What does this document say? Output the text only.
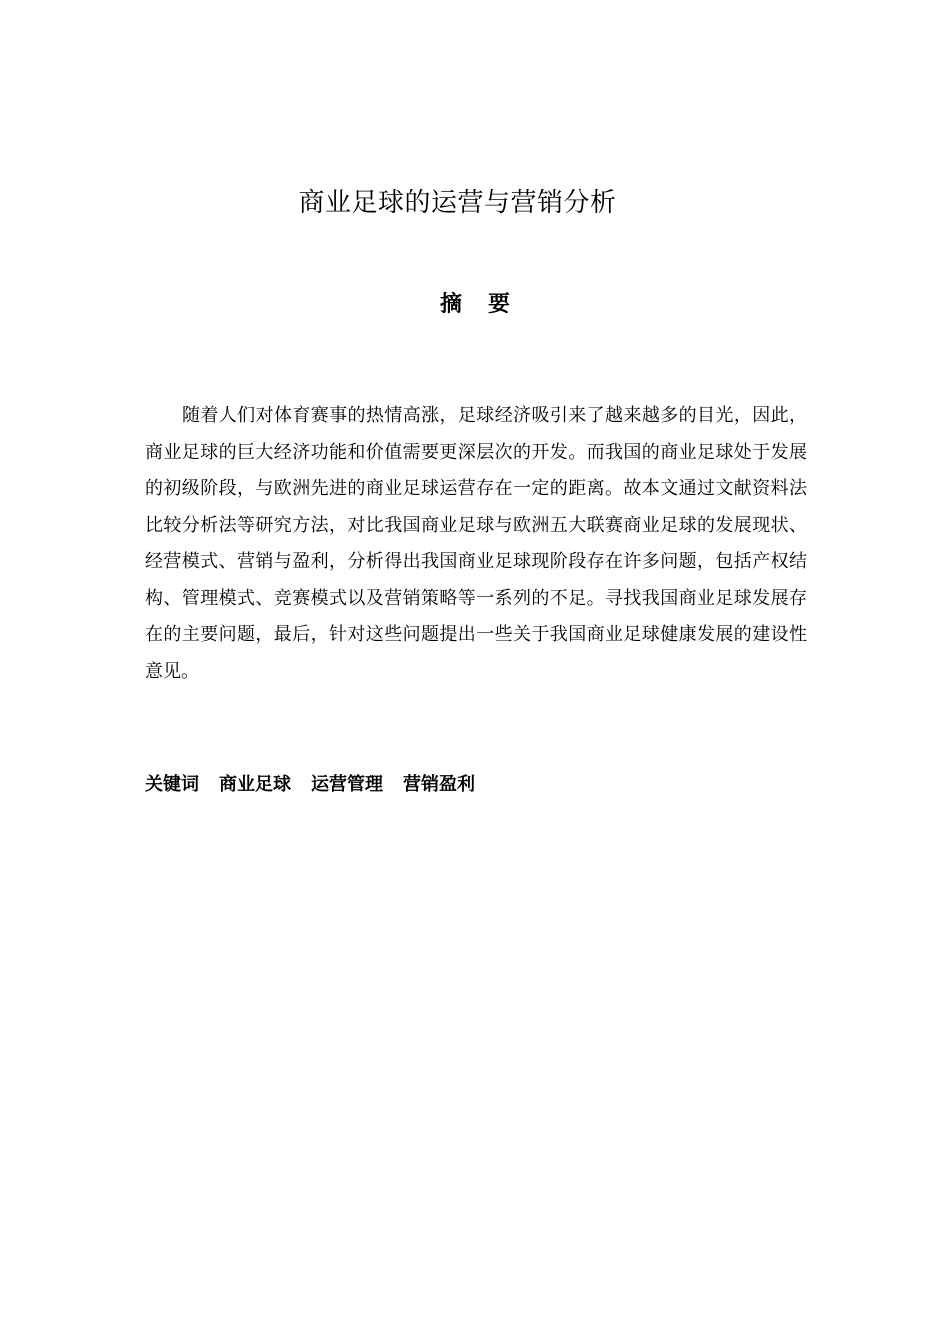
商业足球的运营与营销分析
摘 要
随着人们对体育赛事的热情高涨，足球经济吸引来了越来越多的目光，因此，商业足球的巨大经济功能和价值需要更深层次的开发。而我国的商业足球处于发展的初级阶段，与欧洲先进的商业足球运营存在一定的距离。故本文通过文献资料法比较分析法等研究方法，对比我国商业足球与欧洲五大联赛商业足球的发展现状、经营模式、营销与盈利，分析得出我国商业足球现阶段存在许多问题，包括产权结构、管理模式、竞赛模式以及营销策略等一系列的不足。寻找我国商业足球发展存在的主要问题，最后，针对这些问题提出一些关于我国商业足球健康发展的建设性意见。
关键词 商业足球 运营管理 营销盈利
